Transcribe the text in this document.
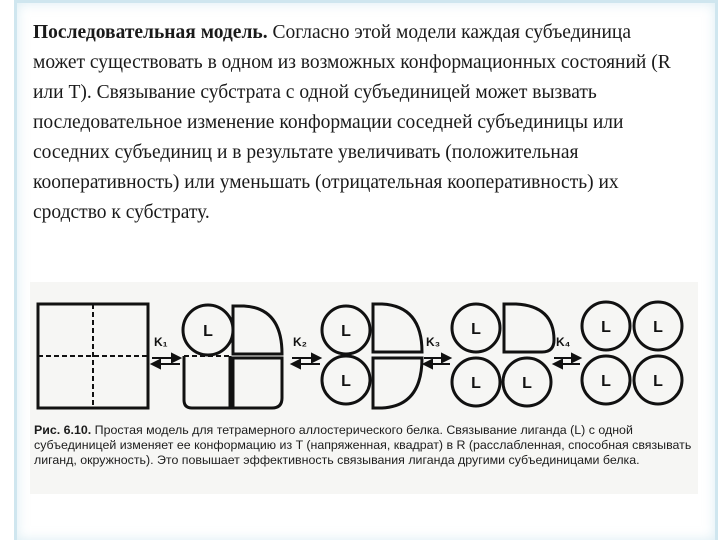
Последовательная модель. Согласно этой модели каждая субъединица может существовать в одном из возможных конформационных состояний (R или T). Связывание субстрата с одной субъединицей может вызвать последовательное изменение конформации соседней субъединицы или соседних субъединиц и в результате увеличивать (положительная кооперативность) или уменьшать (отрицательная кооперативность) их сродство к субстрату.
K₁	K₂	K₃	K₄
L	L
L
L
L	L
L	L
L	L
Рис. 6.10. Простая модель для тетрамерного аллостерического белка. Связывание лиганда (L) с одной субъединицей изменяет ее конформацию из T (напряженная, квадрат) в R (расслабленная, способная связывать лиганд, окружность). Это повышает эффективность связывания лиганда другими субъединицами белка.
